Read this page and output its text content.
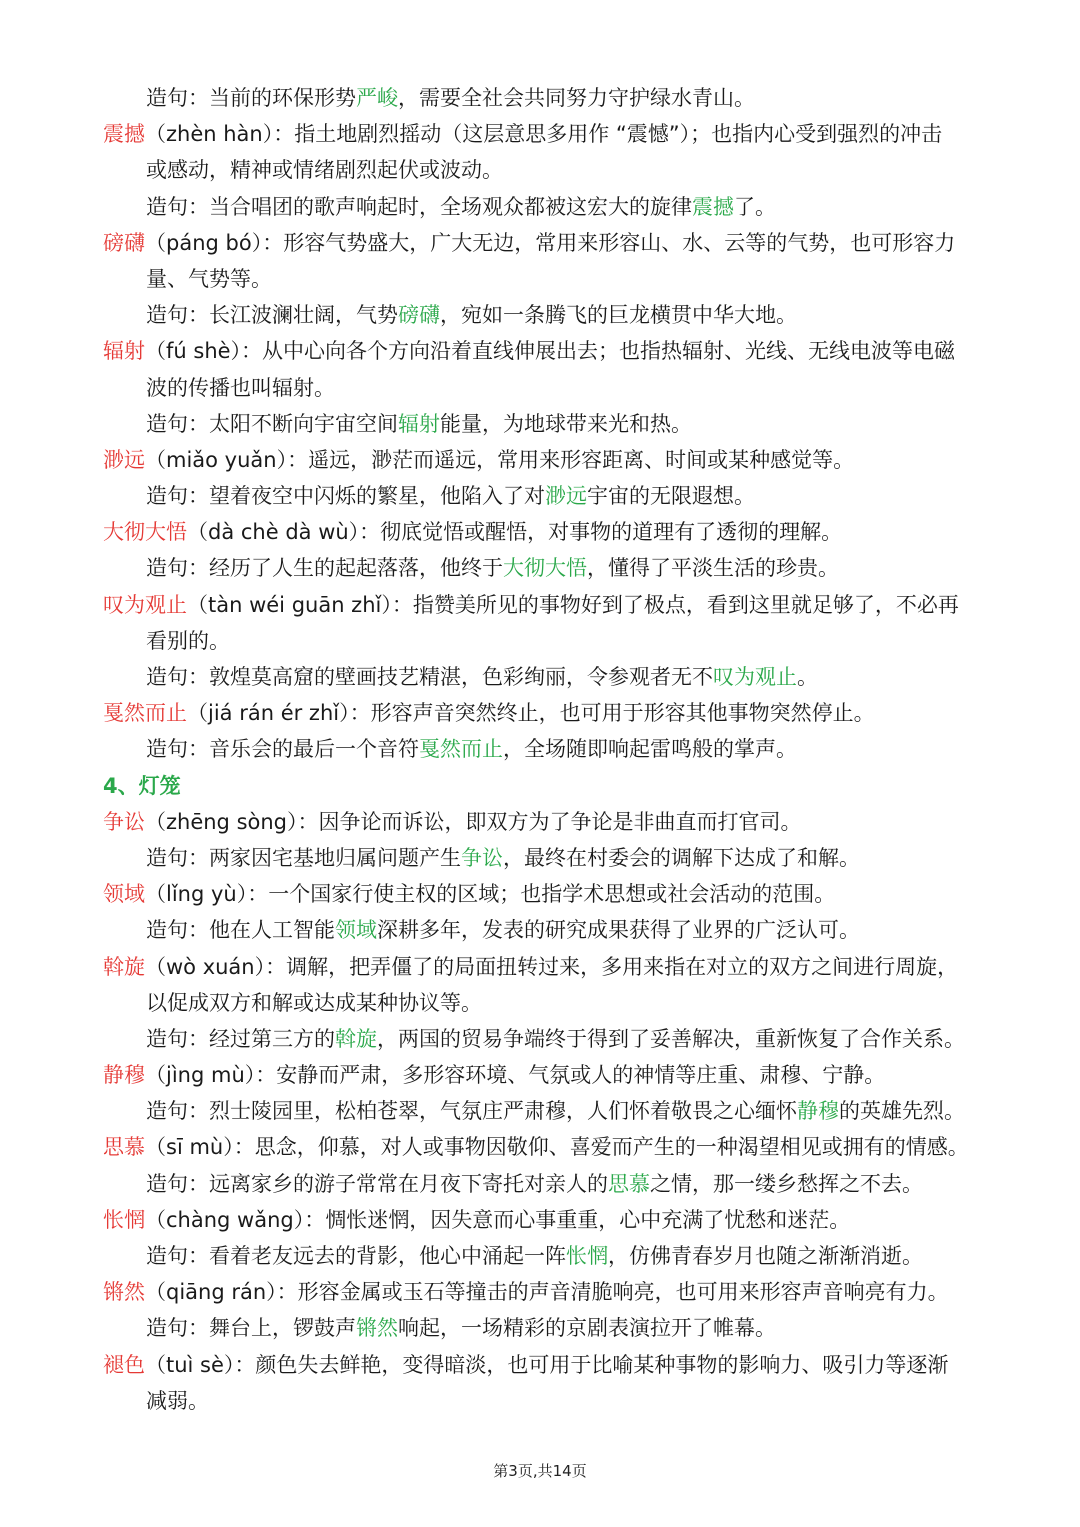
造句：当前的环保形势严峻，需要全社会共同努力守护绿水青山。
震撼（zhèn hàn）：指土地剧烈摇动（这层意思多用作 “震憾”）；也指内心受到强烈的冲击
或感动，精神或情绪剧烈起伏或波动。
造句：当合唱团的歌声响起时，全场观众都被这宏大的旋律震撼了。
磅礴（páng bó）：形容气势盛大，广大无边，常用来形容山、水、云等的气势，也可形容力
量、气势等。
造句：长江波澜壮阔，气势磅礴，宛如一条腾飞的巨龙横贯中华大地。
辐射（fú shè）：从中心向各个方向沿着直线伸展出去；也指热辐射、光线、无线电波等电磁
波的传播也叫辐射。
造句：太阳不断向宇宙空间辐射能量，为地球带来光和热。
渺远（miǎo yuǎn）：遥远，渺茫而遥远，常用来形容距离、时间或某种感觉等。
造句：望着夜空中闪烁的繁星，他陷入了对渺远宇宙的无限遐想。
大彻大悟（dà chè dà wù）：彻底觉悟或醒悟，对事物的道理有了透彻的理解。
造句：经历了人生的起起落落，他终于大彻大悟，懂得了平淡生活的珍贵。
叹为观止（tàn wéi guān zhǐ）：指赞美所见的事物好到了极点，看到这里就足够了，不必再
看别的。
造句：敦煌莫高窟的壁画技艺精湛，色彩绚丽，令参观者无不叹为观止。
戛然而止（jiá rán ér zhǐ）：形容声音突然终止，也可用于形容其他事物突然停止。
造句：音乐会的最后一个音符戛然而止，全场随即响起雷鸣般的掌声。
4、灯笼
争讼（zhēng sòng）：因争论而诉讼，即双方为了争论是非曲直而打官司。
造句：两家因宅基地归属问题产生争讼，最终在村委会的调解下达成了和解。
领域（lǐng yù）：一个国家行使主权的区域；也指学术思想或社会活动的范围。
造句：他在人工智能领域深耕多年，发表的研究成果获得了业界的广泛认可。
斡旋（wò xuán）：调解，把弄僵了的局面扭转过来，多用来指在对立的双方之间进行周旋，
以促成双方和解或达成某种协议等。
造句：经过第三方的斡旋，两国的贸易争端终于得到了妥善解决，重新恢复了合作关系。
静穆（jìng mù）：安静而严肃，多形容环境、气氛或人的神情等庄重、肃穆、宁静。
造句：烈士陵园里，松柏苍翠，气氛庄严肃穆，人们怀着敬畏之心缅怀静穆的英雄先烈。
思慕（sī mù）：思念，仰慕，对人或事物因敬仰、喜爱而产生的一种渴望相见或拥有的情感。
造句：远离家乡的游子常常在月夜下寄托对亲人的思慕之情，那一缕乡愁挥之不去。
怅惘（chàng wǎng）：惆怅迷惘，因失意而心事重重，心中充满了忧愁和迷茫。
造句：看着老友远去的背影，他心中涌起一阵怅惘，仿佛青春岁月也随之渐渐消逝。
锵然（qiāng rán）：形容金属或玉石等撞击的声音清脆响亮，也可用来形容声音响亮有力。
造句：舞台上，锣鼓声锵然响起，一场精彩的京剧表演拉开了帷幕。
褪色（tuì sè）：颜色失去鲜艳，变得暗淡，也可用于比喻某种事物的影响力、吸引力等逐渐
减弱。
第3页,共14页
